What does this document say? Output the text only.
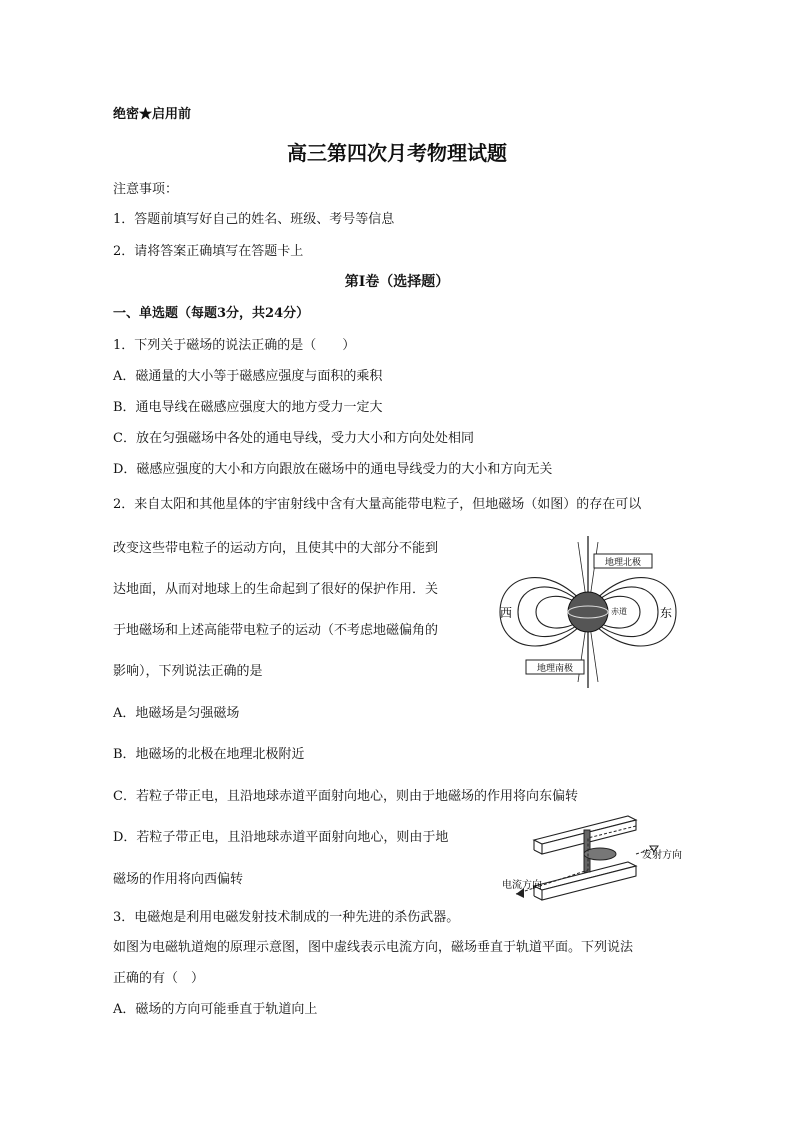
绝密★启用前
高三第四次月考物理试题
注意事项：
1．答题前填写好自己的姓名、班级、考号等信息
2．请将答案正确填写在答题卡上
第I卷（选择题）
一、单选题（每题3分，共24分）
1．下列关于磁场的说法正确的是（　　）
A．磁通量的大小等于磁感应强度与面积的乘积
B．通电导线在磁感应强度大的地方受力一定大
C．放在匀强磁场中各处的通电导线，受力大小和方向处处相同
D．磁感应强度的大小和方向跟放在磁场中的通电导线受力的大小和方向无关
2．来自太阳和其他星体的宇宙射线中含有大量高能带电粒子，但地磁场（如图）的存在可以
改变这些带电粒子的运动方向，且使其中的大部分不能到
达地面，从而对地球上的生命起到了很好的保护作用．关
于地磁场和上述高能带电粒子的运动（不考虑地磁偏角的
影响），下列说法正确的是
A．地磁场是匀强磁场
B．地磁场的北极在地理北极附近
C．若粒子带正电，且沿地球赤道平面射向地心，则由于地磁场的作用将向东偏转
D．若粒子带正电，且沿地球赤道平面射向地心，则由于地
磁场的作用将向西偏转
地理北极
地理南极
西	东
赤道
3．电磁炮是利用电磁发射技术制成的一种先进的杀伤武器。
如图为电磁轨道炮的原理示意图，图中虚线表示电流方向，磁场垂直于轨道平面。下列说法
正确的有（　）
A．磁场的方向可能垂直于轨道向上
发射方向
电流方向
